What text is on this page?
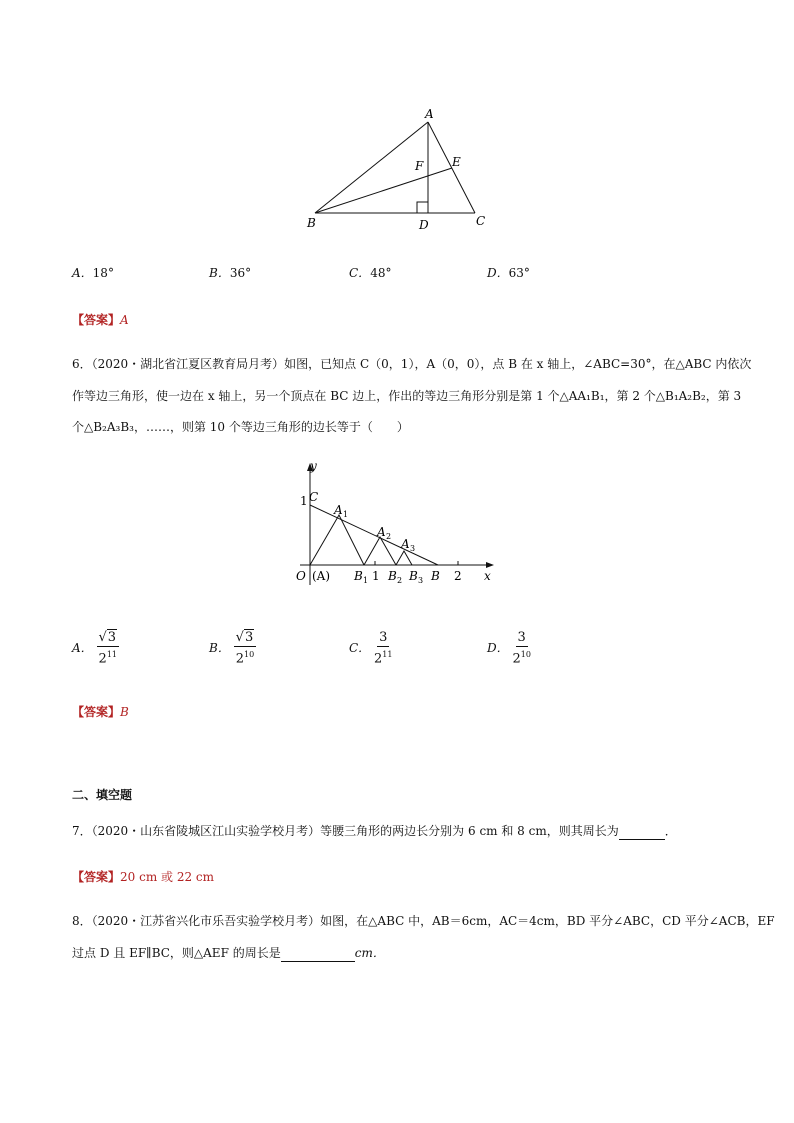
A
B	C
D
E
F
A．18°	B．36°	C．48°	D．63°
【答案】A
6．（2020・湖北省江夏区教育局月考）如图，已知点 C（0，1），A（0，0），点 B 在 x 轴上，∠ABC=30°，在△ABC 内依次
作等边三角形，使一边在 x 轴上，另一个顶点在 BC 边上，作出的等边三角形分别是第 1 个△AA₁B₁，第 2 个△B₁A₂B₂，第 3
个△B₂A₃B₃，……，则第 10 个等边三角形的边长等于（　　）
y
1 C
A 1
A 2
A 3
O (A) B 1 1 B 2 B 3 B 2 x
A． $\frac{√3}{2^{11}}$	B． $\frac{√3}{2^{10}}$	C． $\frac{3}{2^{11}}$	D． $\frac{3}{2^{10}}$
【答案】B
二、填空题
7．（2020・山东省陵城区江山实验学校月考）等腰三角形的两边长分别为 6 cm 和 8 cm，则其周长为	．
【答案】20 cm 或 22 cm
8．（2020・江苏省兴化市乐吾实验学校月考）如图，在△ABC 中，AB＝6cm，AC＝4cm，BD 平分∠ABC，CD 平分∠ACB，EF
过点 D 且 EF∥BC，则△AEF 的周长是	cm．
